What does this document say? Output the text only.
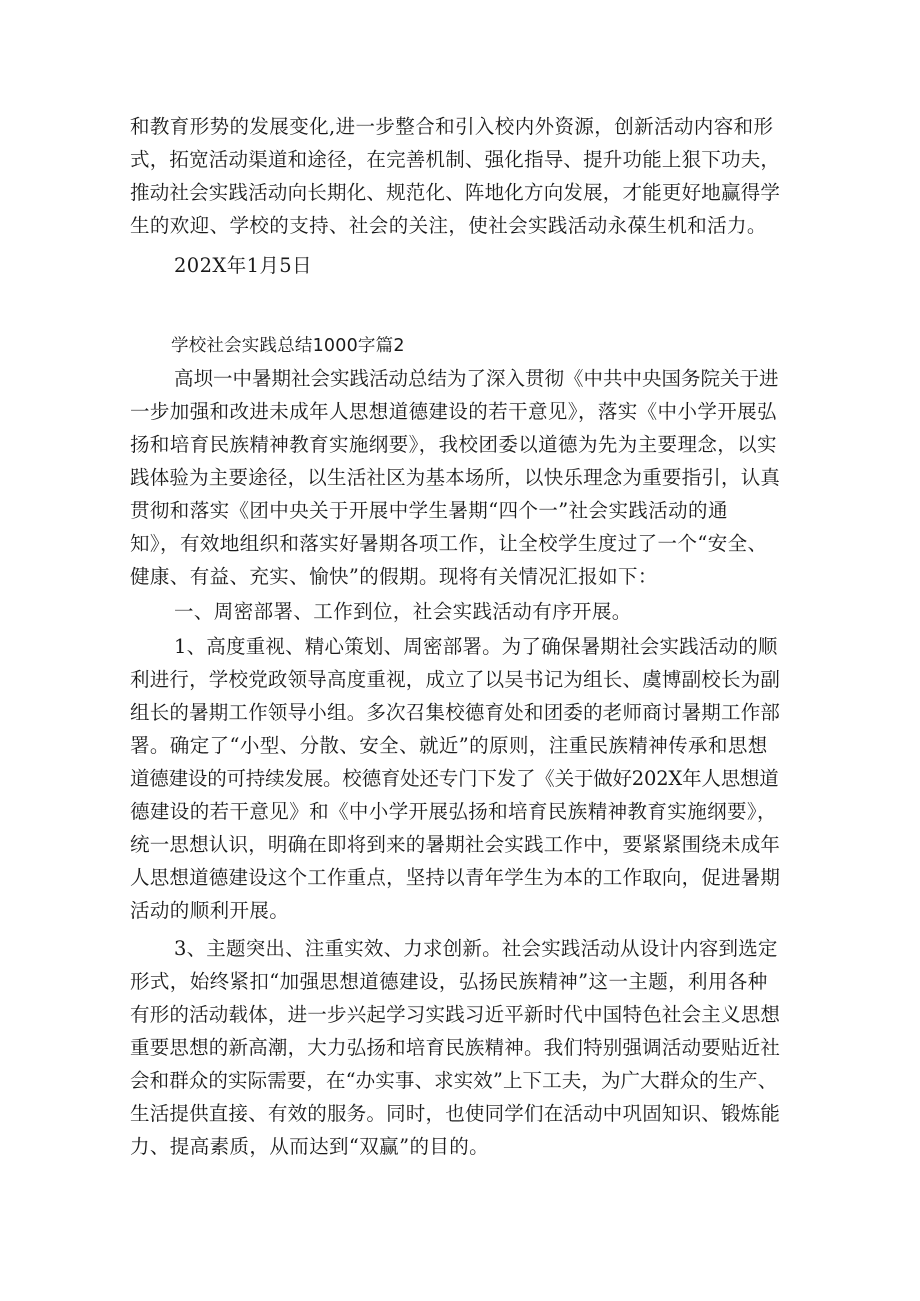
和教育形势的发展变化,进一步整合和引入校内外资源，创新活动内容和形

式，拓宽活动渠道和途径，在完善机制、强化指导、提升功能上狠下功夫，

推动社会实践活动向长期化、规范化、阵地化方向发展，才能更好地赢得学

生的欢迎、学校的支持、社会的关注，使社会实践活动永葆生机和活力。

202X年1月5日

学校社会实践总结1000字篇2

高坝一中暑期社会实践活动总结为了深入贯彻《中共中央国务院关于进

一步加强和改进未成年人思想道德建设的若干意见》，落实《中小学开展弘

扬和培育民族精神教育实施纲要》，我校团委以道德为先为主要理念，以实

践体验为主要途径，以生活社区为基本场所，以快乐理念为重要指引，认真

贯彻和落实《团中央关于开展中学生暑期“四个一”社会实践活动的通

知》，有效地组织和落实好暑期各项工作，让全校学生度过了一个“安全、

健康、有益、充实、愉快”的假期。现将有关情况汇报如下：

一、周密部署、工作到位，社会实践活动有序开展。

1、高度重视、精心策划、周密部署。为了确保暑期社会实践活动的顺

利进行，学校党政领导高度重视，成立了以吴书记为组长、虞博副校长为副

组长的暑期工作领导小组。多次召集校德育处和团委的老师商讨暑期工作部

署。确定了“小型、分散、安全、就近”的原则，注重民族精神传承和思想

道德建设的可持续发展。校德育处还专门下发了《关于做好202X年人思想道

德建设的若干意见》和《中小学开展弘扬和培育民族精神教育实施纲要》，

统一思想认识，明确在即将到来的暑期社会实践工作中，要紧紧围绕未成年

人思想道德建设这个工作重点，坚持以青年学生为本的工作取向，促进暑期

活动的顺利开展。

3、主题突出、注重实效、力求创新。社会实践活动从设计内容到选定

形式，始终紧扣“加强思想道德建设，弘扬民族精神”这一主题，利用各种

有形的活动载体，进一步兴起学习实践习近平新时代中国特色社会主义思想

重要思想的新高潮，大力弘扬和培育民族精神。我们特别强调活动要贴近社

会和群众的实际需要，在“办实事、求实效”上下工夫，为广大群众的生产、

生活提供直接、有效的服务。同时，也使同学们在活动中巩固知识、锻炼能

力、提高素质，从而达到“双赢”的目的。
